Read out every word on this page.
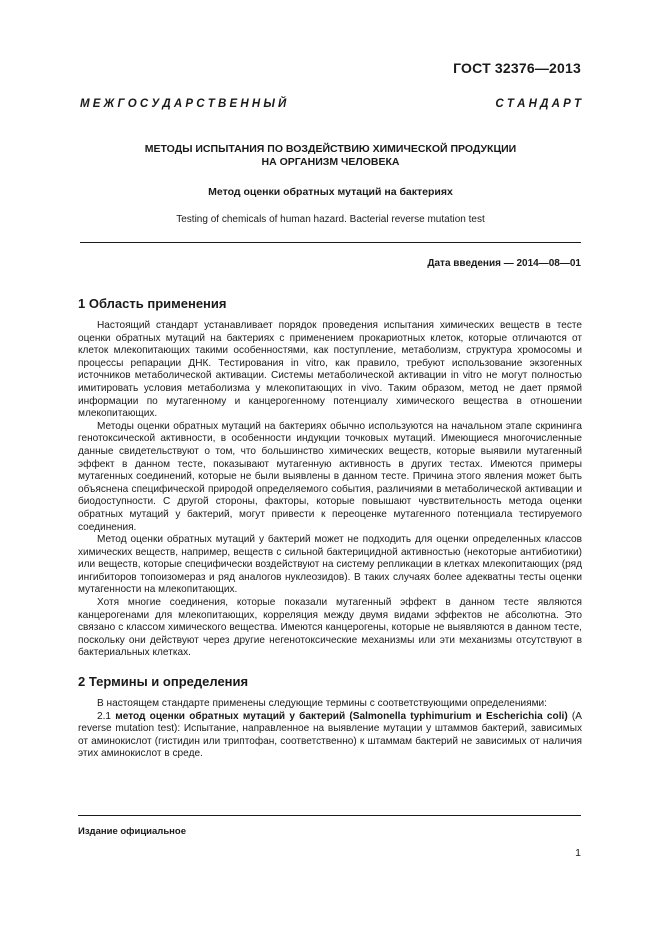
ГОСТ 32376—2013
М Е Ж Г О С У Д А Р С Т В Е Н Н Ы Й	С Т А Н Д А Р Т

МЕТОДЫ ИСПЫТАНИЯ ПО ВОЗДЕЙСТВИЮ ХИМИЧЕСКОЙ ПРОДУКЦИИ

НА ОРГАНИЗМ ЧЕЛОВЕКА

Метод оценки обратных мутаций на бактериях

Testing of chemicals of human hazard. Bacterial reverse mutation test

Дата введения — 2014—08—01
1 Область применения

Настоящий стандарт устанавливает порядок проведения испытания химических веществ в тесте оценки обратных мутаций на бактериях с применением прокариотных клеток, которые отличаются от клеток млекопитающих такими особенностями, как поступление, метаболизм, структура хромосомы и процессы репарации ДНК. Тестирования in vitro, как правило, требуют использование экзогенных источников метаболической активации. Системы метаболической активации in vitro не могут полностью имитировать условия метаболизма у млекопитающих in vivo. Таким образом, метод не дает прямой информации по мутагенному и канцерогенному потенциалу химического вещества в отношении млекопитающих.

Методы оценки обратных мутаций на бактериях обычно используются на начальном этапе скрининга генотоксической активности, в особенности индукции точковых мутаций. Имеющиеся многочисленные данные свидетельствуют о том, что большинство химических веществ, которые выявили мутагенный эффект в данном тесте, показывают мутагенную активность в других тестах. Имеются примеры мутагенных соединений, которые не были выявлены в данном тесте. Причина этого явления может быть объяснена специфической природой определяемого события, различиями в метаболической активации и биодоступности. С другой стороны, факторы, которые повышают чувствительность метода оценки обратных мутаций у бактерий, могут привести к переоценке мутагенного потенциала тестируемого соединения.

Метод оценки обратных мутаций у бактерий может не подходить для оценки определенных классов химических веществ, например, веществ с сильной бактерицидной активностью (некоторые антибиотики) или веществ, которые специфически воздействуют на систему репликации в клетках млекопитающих (ряд ингибиторов топоизомераз и ряд аналогов нуклеозидов). В таких случаях более адекватны тесты оценки мутагенности на млекопитающих.

Хотя многие соединения, которые показали мутагенный эффект в данном тесте являются канцерогенами для млекопитающих, корреляция между двумя видами эффектов не абсолютна. Это связано с классом химического вещества. Имеются канцерогены, которые не выявляются в данном тесте, поскольку они действуют через другие негенотоксические механизмы или эти механизмы отсутствуют в бактериальных клетках.

2 Термины и определения

В настоящем стандарте применены следующие термины с соответствующими определениями:

2.1 метод оценки обратных мутаций у бактерий (Salmonella typhimurium и Escherichia coli) (A reverse mutation test): Испытание, направленное на выявление мутации у штаммов бактерий, зависимых от аминокислот (гистидин или триптофан, соответственно) к штаммам бактерий не зависимых от наличия этих аминокислот в среде.

Издание официальное
1
